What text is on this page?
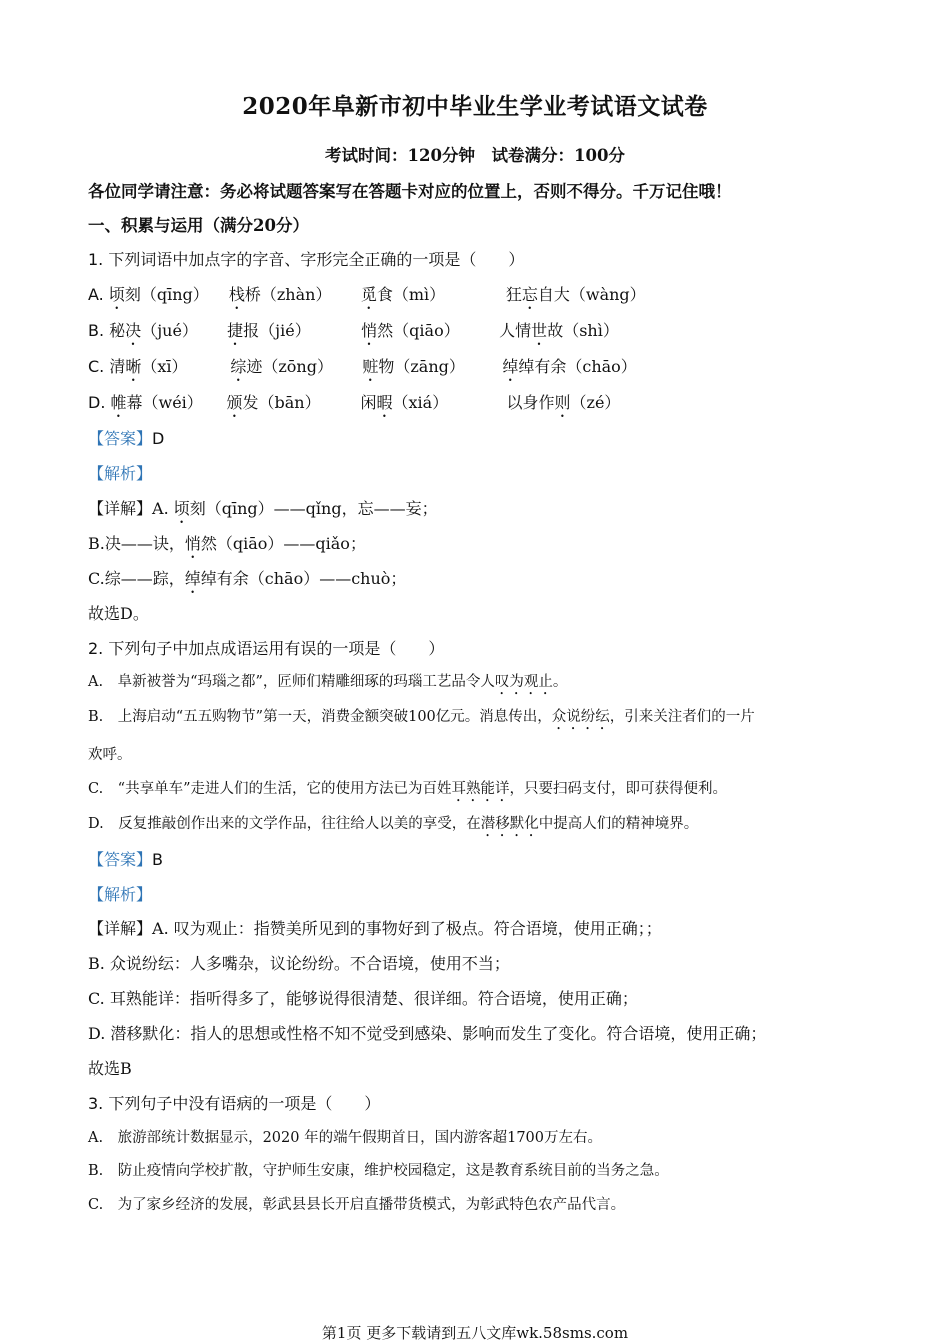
2020年阜新市初中毕业生学业考试语文试卷
考试时间：120分钟　试卷满分：100分
各位同学请注意：务必将试题答案写在答题卡对应的位置上，否则不得分。千万记住哦！
一、积累与运用（满分20分）
1. 下列词语中加点字的字音、字形完全正确的一项是（　　）
A. 顷刻（qīng） 栈桥（zhàn） 觅食（mì）	狂忘自大（wàng）
B. 秘决（jué） 捷报（jié）	悄然（qiāo） 人情世故（shì）
C. 清晰（xī）	综迹（zōng） 赃物（zāng） 绰绰有余（chāo）
D. 帷幕（wéi） 颁发（bān） 闲暇（xiá）	以身作则（zé）
【答案】D
【解析】
【详解】A. 顷刻（qīng）——qǐng，忘——妄；
B.决——诀，悄然（qiāo）——qiǎo；
C.综——踪，绰绰有余（chāo）——chuò；
故选D。
2. 下列句子中加点成语运用有误的一项是（　　）
A.　阜新被誉为“玛瑙之都”，匠师们精雕细琢的玛瑙工艺品令人叹为观止。
B.　上海启动“五五购物节”第一天，消费金额突破100亿元。消息传出，众说纷纭，引来关注者们的一片
欢呼。
C.　“共享单车”走进人们的生活，它的使用方法已为百姓耳熟能详，只要扫码支付，即可获得便利。
D.　反复推敲创作出来的文学作品，往往给人以美的享受，在潜移默化中提高人们的精神境界。
【答案】B
【解析】
【详解】A. 叹为观止：指赞美所见到的事物好到了极点。符合语境，使用正确；；
B. 众说纷纭：人多嘴杂，议论纷纷。不合语境，使用不当；
C. 耳熟能详：指听得多了，能够说得很清楚、很详细。符合语境，使用正确；
D. 潜移默化：指人的思想或性格不知不觉受到感染、影响而发生了变化。符合语境，使用正确；
故选B
3. 下列句子中没有语病的一项是（　　）
A.　旅游部统计数据显示，2020 年的端午假期首日，国内游客超1700万左右。
B.　防止疫情向学校扩散，守护师生安康，维护校园稳定，这是教育系统目前的当务之急。
C.　为了家乡经济的发展，彰武县县长开启直播带货模式，为彰武特色农产品代言。
第1页 更多下载请到五八文库wk.58sms.com
